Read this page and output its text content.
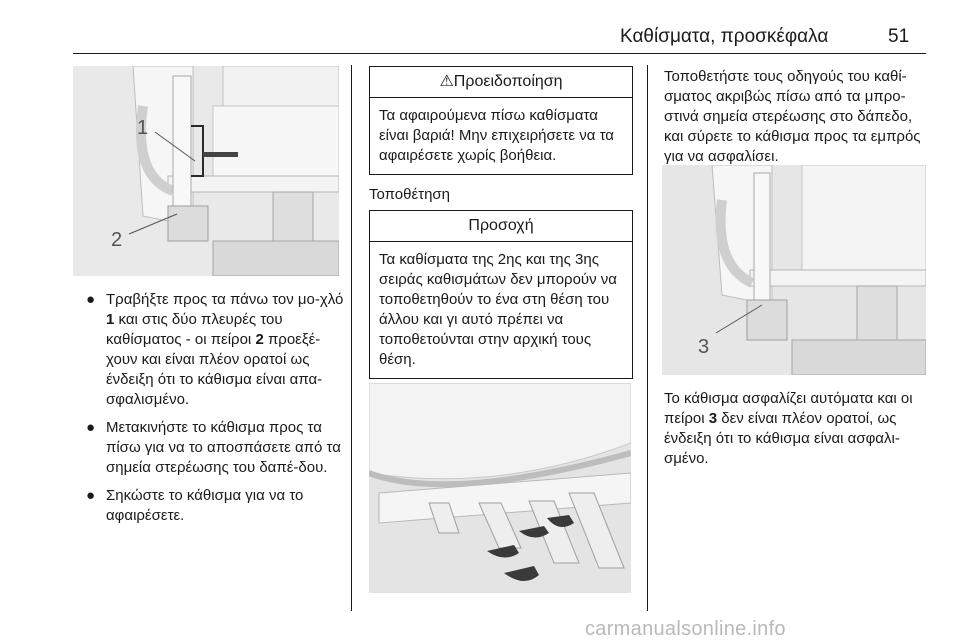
Καθίσματα, προσκέφαλα	51
1
2
● Τραβήξτε προς τα πάνω τον μο-χλό 1 και στις δύο πλευρές του καθίσματος - οι πείροι 2 προεξέ-χουν και είναι πλέον ορατοί ως ένδειξη ότι το κάθισμα είναι απα-σφαλισμένο.
● Μετακινήστε το κάθισμα προς τα πίσω για να το αποσπάσετε από τα σημεία στερέωσης του δαπέ-δου.
● Σηκώστε το κάθισμα για να το αφαιρέσετε.
⚠Προειδοποίηση
Τα αφαιρούμενα πίσω καθίσματα είναι βαριά! Μην επιχειρήσετε να τα αφαιρέσετε χωρίς βοήθεια.
Τοποθέτηση
Προσοχή
Τα καθίσματα της 2ης και της 3ης σειράς καθισμάτων δεν μπορούν να τοποθετηθούν το ένα στη θέση του άλλου και γι αυτό πρέπει να τοποθετούνται στην αρχική τους θέση.
Τοποθετήστε τους οδηγούς του καθί-σματος ακριβώς πίσω από τα μπρο-στινά σημεία στερέωσης στο δάπεδο, και σύρετε το κάθισμα προς τα εμπρός για να ασφαλίσει.
3
Το κάθισμα ασφαλίζει αυτόματα και οι πείροι 3 δεν είναι πλέον ορατοί, ως ένδειξη ότι το κάθισμα είναι ασφαλι-σμένο.
carmanualsonline.info
